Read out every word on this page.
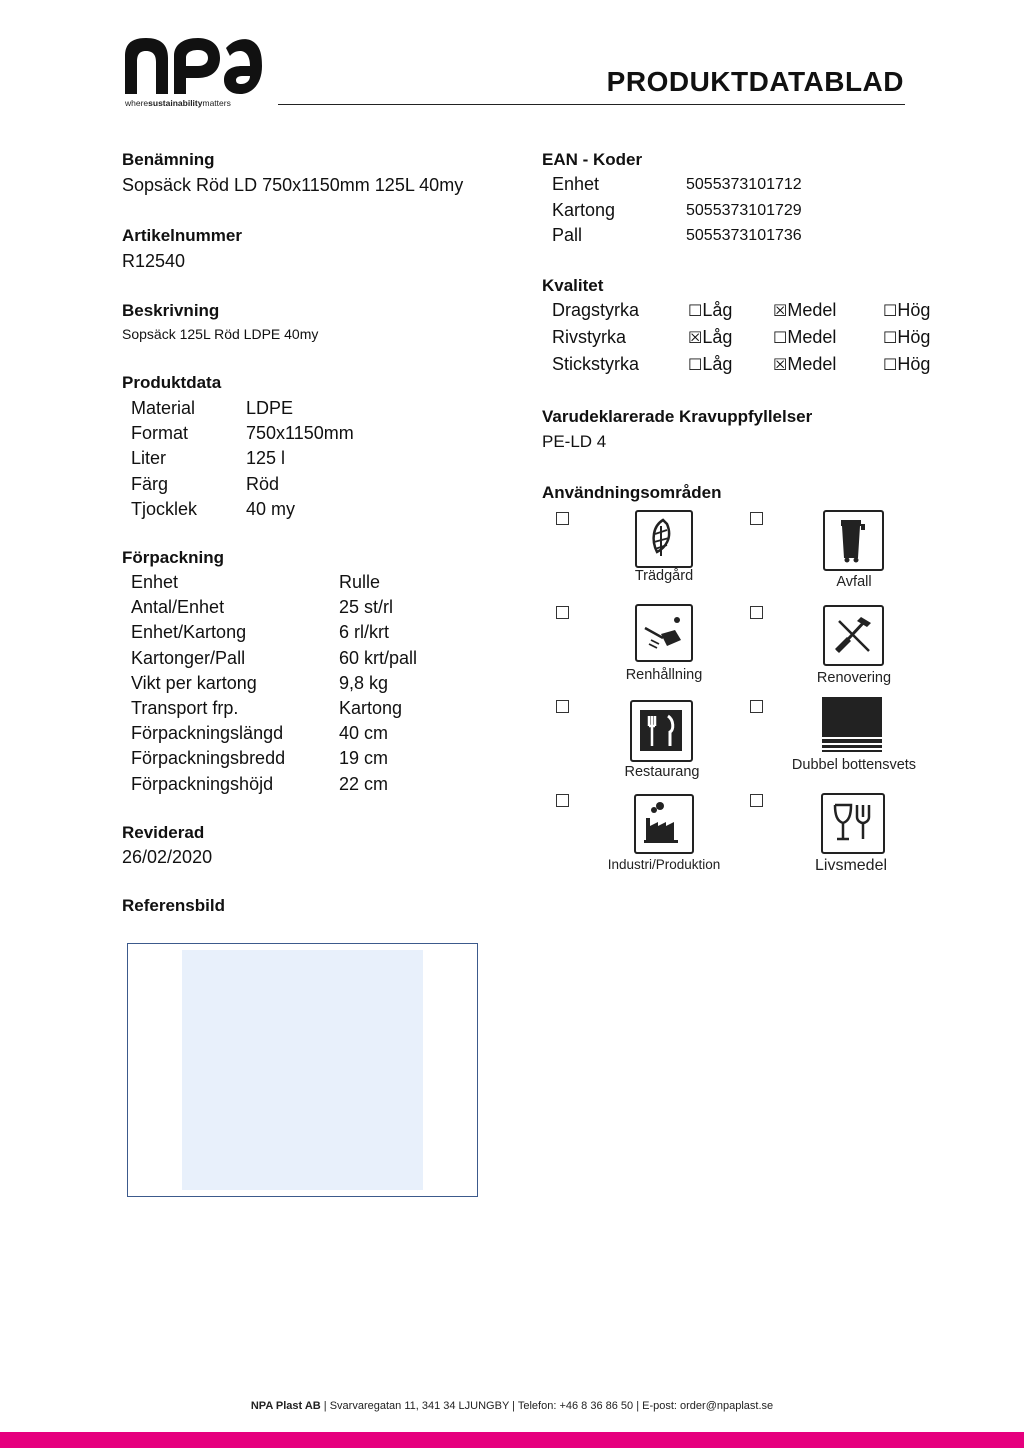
wheresustainabilitymatters
PRODUKTDATABLAD
Benämning
Sopsäck Röd LD 750x1150mm 125L 40my
Artikelnummer
R12540
Beskrivning
Sopsäck 125L Röd LDPE 40my
Produktdata
Material	LDPE
Format	750x1150mm
Liter	125 l
Färg	Röd
Tjocklek	40 my
Förpackning
Enhet	Rulle
Antal/Enhet	25 st/rl
Enhet/Kartong	6 rl/krt
Kartonger/Pall	60 krt/pall
Vikt per kartong	9,8 kg
Transport frp.	Kartong
Förpackningslängd	40 cm
Förpackningsbredd	19 cm
Förpackningshöjd	22 cm
Reviderad
26/02/2020
Referensbild
EAN - Koder
Enhet	5055373101712
Kartong	5055373101729
Pall	5055373101736
Kvalitet
Dragstyrka	☐Låg	☒Medel	☐Hög
Rivstyrka	☒Låg	☐Medel	☐Hög
Stickstyrka	☐Låg	☒Medel	☐Hög
Varudeklarerade Kravuppfyllelser
PE-LD 4
Användningsområden
Trädgård	Avfall
Renhållning	Renovering
Restaurang	Dubbel bottensvets
Industri/Produktion	Livsmedel
NPA Plast AB | Svarvaregatan 11, 341 34 LJUNGBY | Telefon: +46 8 36 86 50 | E-post: order@npaplast.se
